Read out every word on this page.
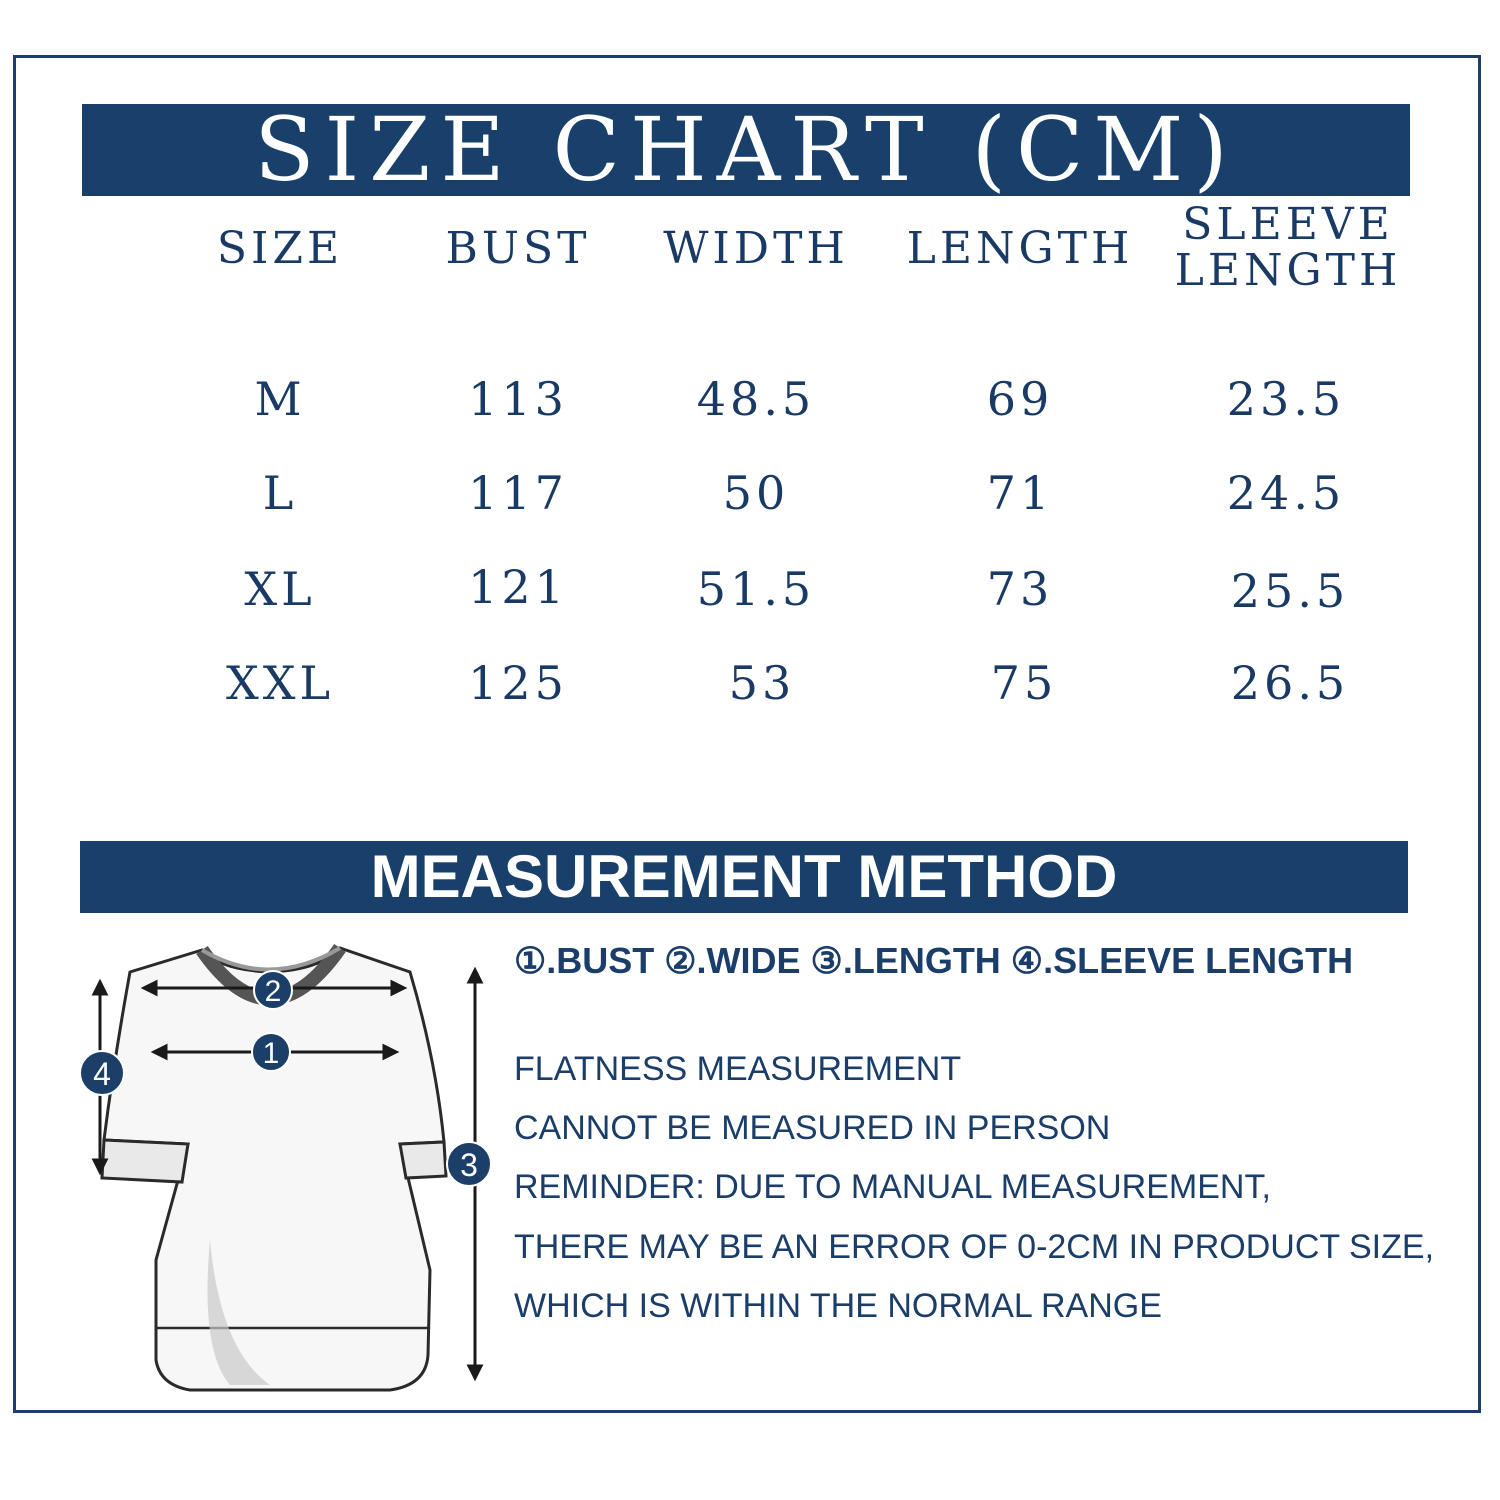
SIZE CHART (CM)
SIZE	BUST	WIDTH	LENGTH	SLEEVE
LENGTH
M	113	48.5	69	23.5
L	117	50	71	24.5
XL	121	51.5	73	25.5
XXL	125	53	75	26.5
MEASUREMENT METHOD
①.BUST ②.WIDE ③.LENGTH ④.SLEEVE LENGTH
FLATNESS MEASUREMENT
CANNOT BE MEASURED IN PERSON
REMINDER: DUE TO MANUAL MEASUREMENT,
THERE MAY BE AN ERROR OF 0-2CM IN PRODUCT SIZE,
WHICH IS WITHIN THE NORMAL RANGE
2
1
4
3
